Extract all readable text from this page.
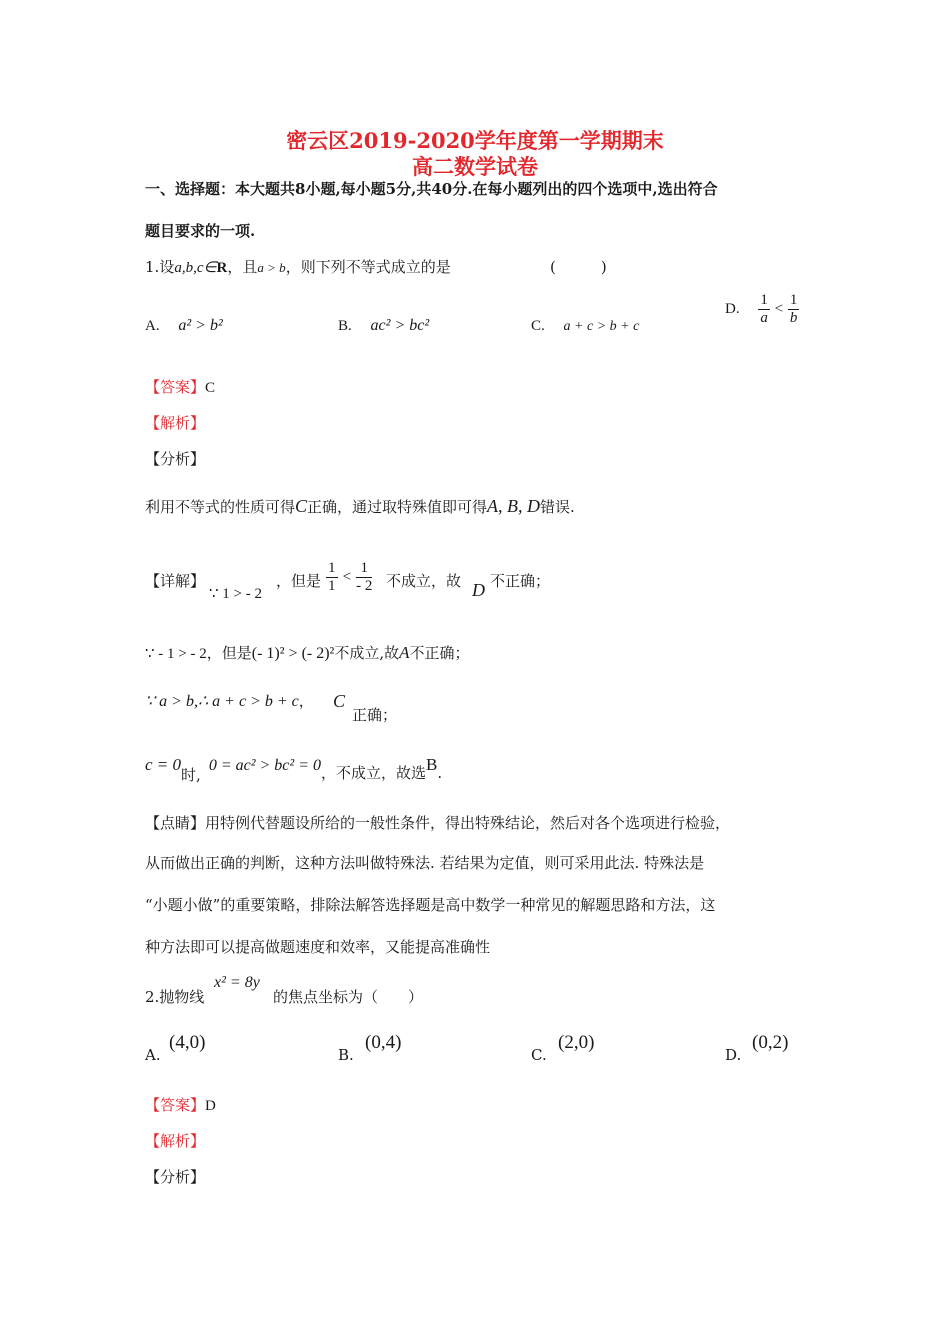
密云区2019-2020学年度第一学期期末
高二数学试卷
一、选择题：本大题共8小题,每小题5分,共40分.在每小题列出的四个选项中,选出符合
题目要求的一项.
1.设a,b,c∈R，且a > b，则下列不等式成立的是	(　　　)
A. a² > b²	B. ac² > bc²	C. a + c > b + c
D. $\frac{1}{a} < \frac{1}{b}$
【答案】C
【解析】
【分析】
利用不等式的性质可得C正确，通过取特殊值即可得A, B, D错误.
【详解】
∵ 1 > - 2
，但是 $\frac{1}{1} < \frac{1}{- 2}$ 不成立，故 D 不正确；
∵ - 1 > - 2，但是(- 1)² > (- 2)²不成立,故A不正确；
∵ a > b,∴ a + c > b + c， C
正确；
c = 0时,0 = ac² > bc² = 0，不成立，故选B.
【点睛】用特例代替题设所给的一般性条件，得出特殊结论，然后对各个选项进行检验，
从而做出正确的判断，这种方法叫做特殊法. 若结果为定值，则可采用此法. 特殊法是
“小题小做”的重要策略，排除法解答选择题是高中数学一种常见的解题思路和方法，这
种方法即可以提高做题速度和效率，又能提高准确性
2.抛物线
x² = 8y
的焦点坐标为（　　）
A.
(4,0)
B.
(0,4)
C.
(2,0)
D.
(0,2)
【答案】D
【解析】
【分析】
